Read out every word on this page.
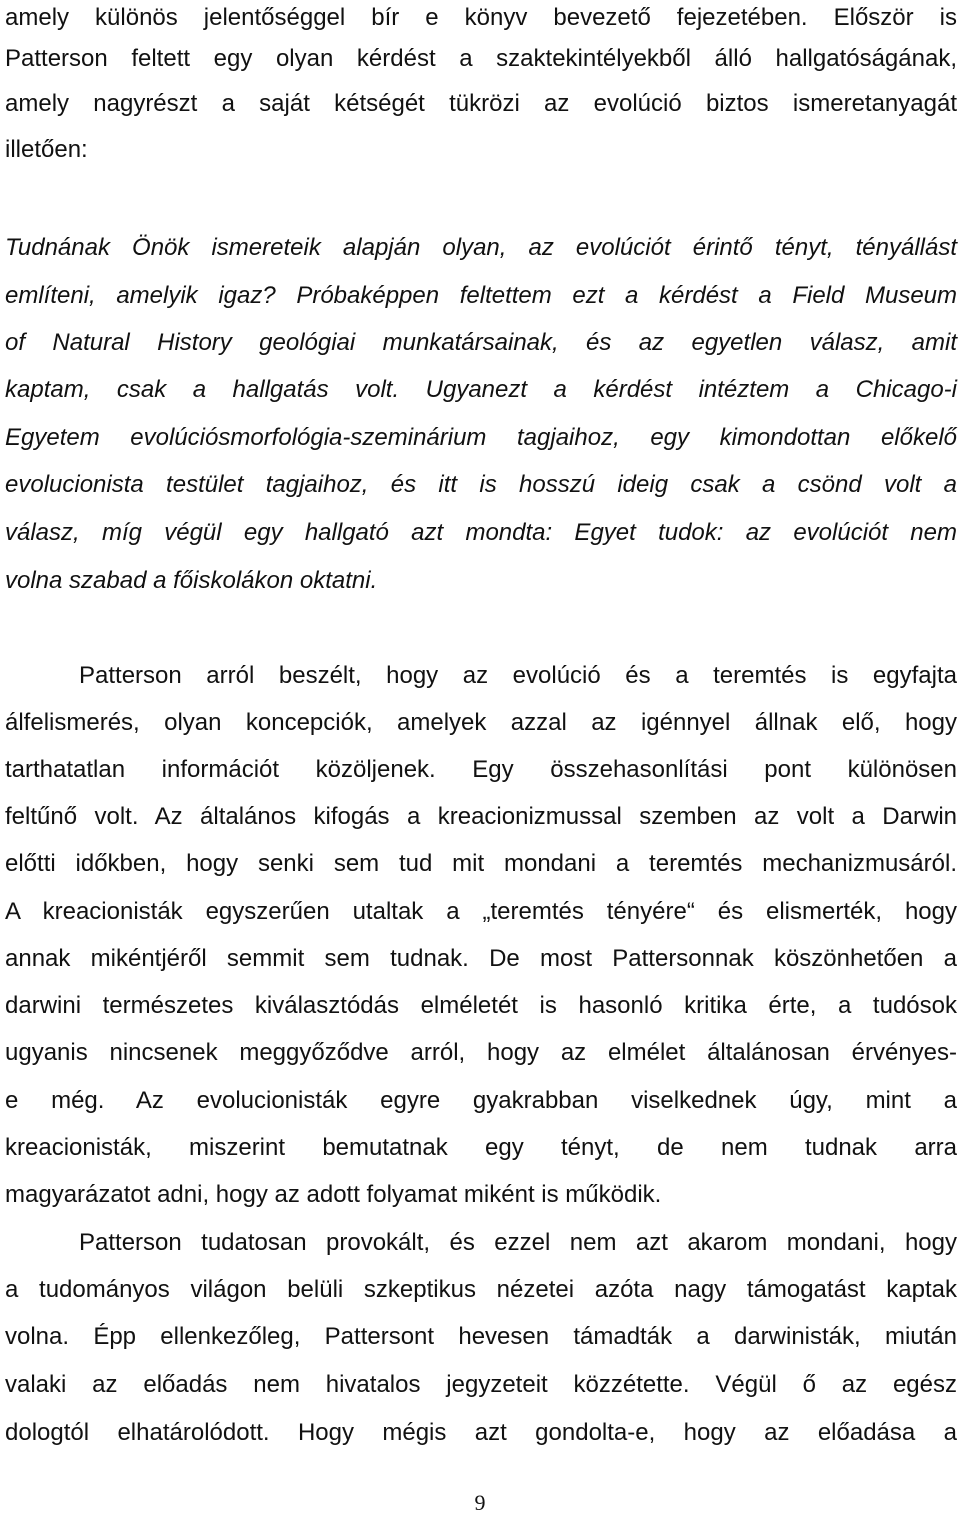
amely különös jelentőséggel bír e könyv bevezető fejezetében. Először is
Patterson feltett egy olyan kérdést a szaktekintélyekből álló hallgatóságának,
amely nagyrészt a saját kétségét tükrözi az evolúció biztos ismeretanyagát
illetően:
Tudnának Önök ismereteik alapján olyan, az evolúciót érintő tényt, tényállást
említeni, amelyik igaz? Próbaképpen feltettem ezt a kérdést a Field Museum
of Natural History geológiai munkatársainak, és az egyetlen válasz, amit
kaptam, csak a hallgatás volt. Ugyanezt a kérdést intéztem a Chicago-i
Egyetem evolúciósmorfológia-szeminárium tagjaihoz, egy kimondottan előkelő
evolucionista testület tagjaihoz, és itt is hosszú ideig csak a csönd volt a
válasz, míg végül egy hallgató azt mondta: Egyet tudok: az evolúciót nem
volna szabad a főiskolákon oktatni.
Patterson arról beszélt, hogy az evolúció és a teremtés is egyfajta
álfelismerés, olyan koncepciók, amelyek azzal az igénnyel állnak elő, hogy
tarthatatlan információt közöljenek. Egy összehasonlítási pont különösen
feltűnő volt. Az általános kifogás a kreacionizmussal szemben az volt a Darwin
előtti időkben, hogy senki sem tud mit mondani a teremtés mechanizmusáról.
A kreacionisták egyszerűen utaltak a „teremtés tényére“ és elismerték, hogy
annak mikéntjéről semmit sem tudnak. De most Pattersonnak köszönhetően a
darwini természetes kiválasztódás elméletét is hasonló kritika érte, a tudósok
ugyanis nincsenek meggyőződve arról, hogy az elmélet általánosan érvényes-
e még. Az evolucionisták egyre gyakrabban viselkednek úgy, mint a
kreacionisták, miszerint bemutatnak egy tényt, de nem tudnak arra
magyarázatot adni, hogy az adott folyamat miként is működik.
Patterson tudatosan provokált, és ezzel nem azt akarom mondani, hogy
a tudományos világon belüli szkeptikus nézetei azóta nagy támogatást kaptak
volna. Épp ellenkezőleg, Pattersont hevesen támadták a darwinisták, miután
valaki az előadás nem hivatalos jegyzeteit közzétette. Végül ő az egész
dologtól elhatárolódott. Hogy mégis azt gondolta-e, hogy az előadása a
9
